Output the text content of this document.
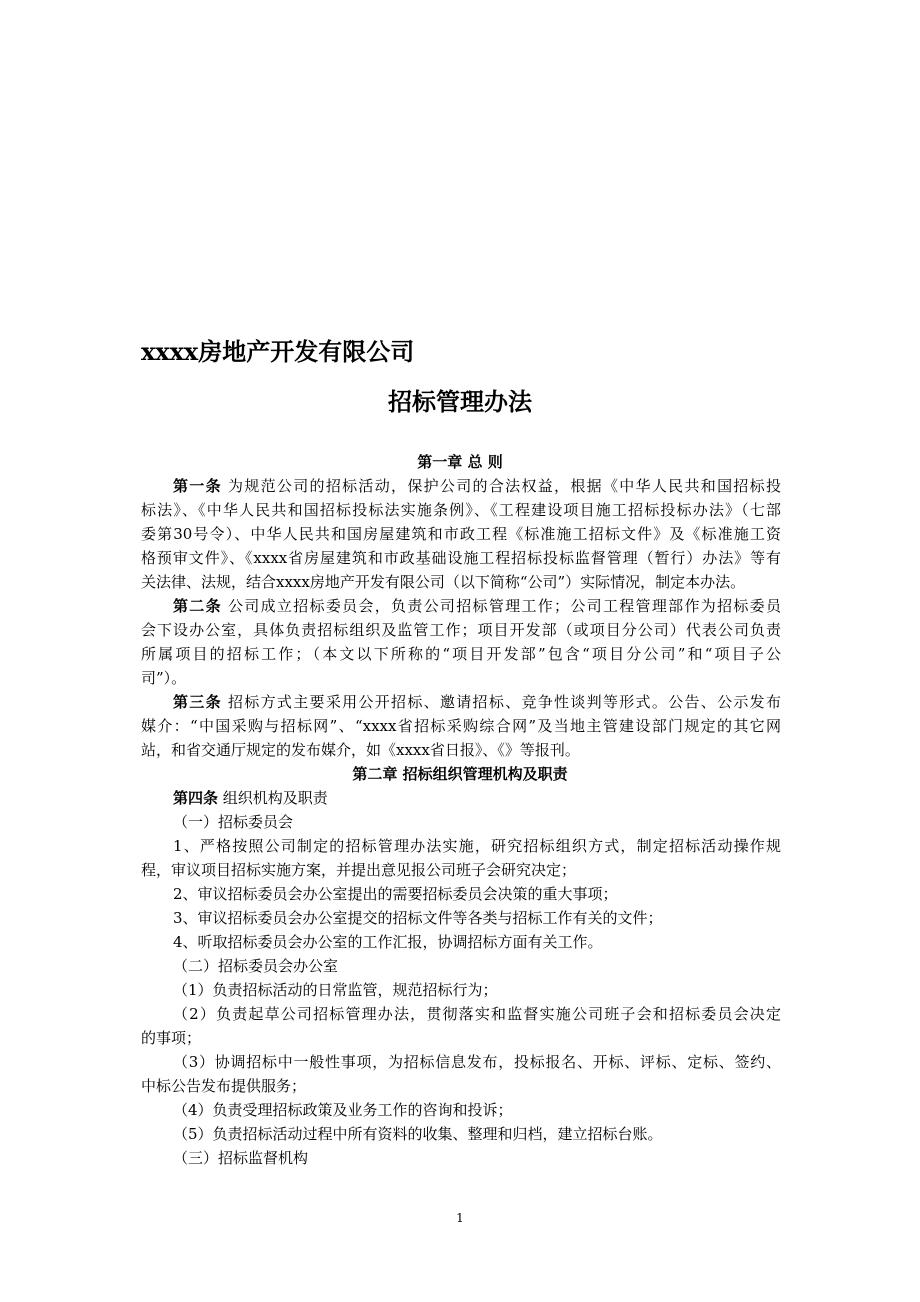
xxxx房地产开发有限公司
招标管理办法
第一章 总 则
第一条 为规范公司的招标活动，保护公司的合法权益，根据《中华人民共和国招标投
标法》、《中华人民共和国招标投标法实施条例》、《工程建设项目施工招标投标办法》（七部
委第30号令）、中华人民共和国房屋建筑和市政工程《标准施工招标文件》及《标准施工资
格预审文件》、《xxxx省房屋建筑和市政基础设施工程招标投标监督管理（暂行）办法》等有
关法律、法规，结合xxxx房地产开发有限公司（以下简称“公司”）实际情况，制定本办法。
第二条 公司成立招标委员会，负责公司招标管理工作；公司工程管理部作为招标委员
会下设办公室，具体负责招标组织及监管工作；项目开发部（或项目分公司）代表公司负责
所属项目的招标工作；（本文以下所称的“项目开发部”包含“项目分公司”和“项目子公
司”）。
第三条 招标方式主要采用公开招标、邀请招标、竞争性谈判等形式。公告、公示发布
媒介：“中国采购与招标网”、“xxxx省招标采购综合网”及当地主管建设部门规定的其它网
站，和省交通厅规定的发布媒介，如《xxxx省日报》、《》等报刊。
第二章 招标组织管理机构及职责
第四条 组织机构及职责
（一）招标委员会
1、严格按照公司制定的招标管理办法实施，研究招标组织方式，制定招标活动操作规
程，审议项目招标实施方案，并提出意见报公司班子会研究决定；
2、审议招标委员会办公室提出的需要招标委员会决策的重大事项；
3、审议招标委员会办公室提交的招标文件等各类与招标工作有关的文件；
4、听取招标委员会办公室的工作汇报，协调招标方面有关工作。
（二）招标委员会办公室
（1）负责招标活动的日常监管，规范招标行为；
（2）负责起草公司招标管理办法，贯彻落实和监督实施公司班子会和招标委员会决定
的事项；
（3）协调招标中一般性事项，为招标信息发布，投标报名、开标、评标、定标、签约、
中标公告发布提供服务；
（4）负责受理招标政策及业务工作的咨询和投诉；
（5）负责招标活动过程中所有资料的收集、整理和归档，建立招标台账。
（三）招标监督机构
1
